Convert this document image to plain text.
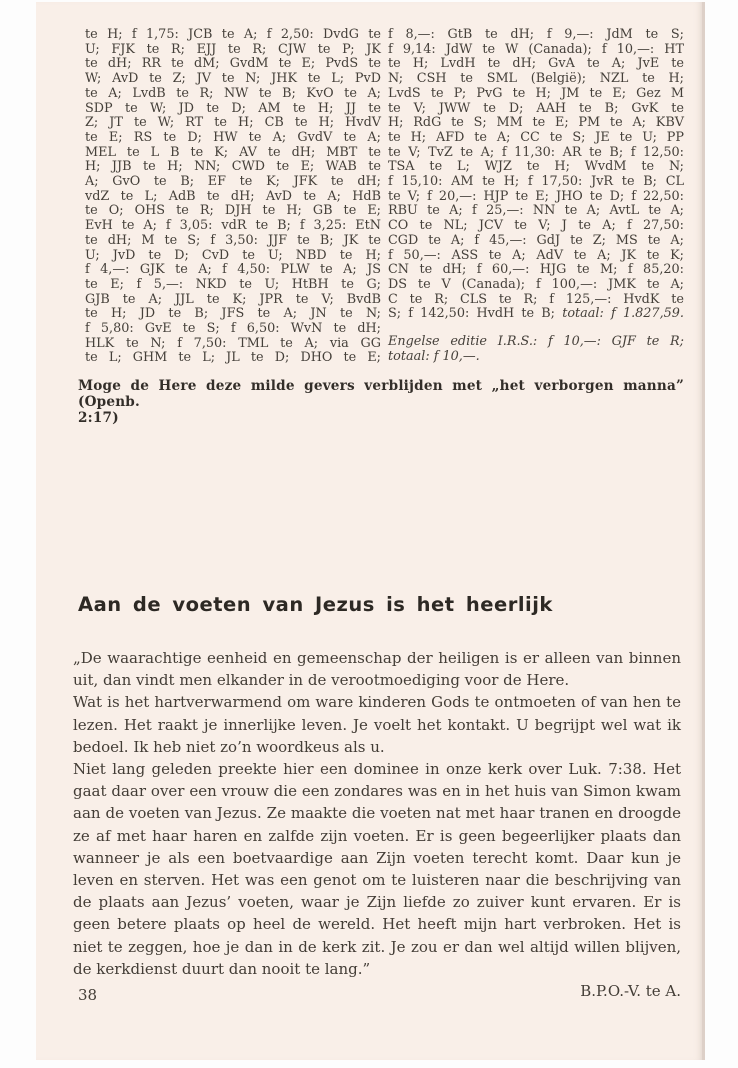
te H; f 1,75: JCB te A; f 2,50: DvdG te
U; FJK te R; EJJ te R; CJW te P; JK
te dH; RR te dM; GvdM te E; PvdS te
W; AvD te Z; JV te N; JHK te L; PvD
te A; LvdB te R; NW te B; KvO te A;
SDP te W; JD te D; AM te H; JJ te
Z; JT te W; RT te H; CB te H; HvdV
te E; RS te D; HW te A; GvdV te A;
MEL te L B te K; AV te dH; MBT te
H; JJB te H; NN; CWD te E; WAB te
A; GvO te B; EF te K; JFK te dH;
vdZ te L; AdB te dH; AvD te A; HdB
te O; OHS te R; DJH te H; GB te E;
EvH te A; f 3,05: vdR te B; f 3,25: EtN
te dH; M te S; f 3,50: JJF te B; JK te
U; JvD te D; CvD te U; NBD te H;
f 4,—: GJK te A; f 4,50: PLW te A; JS
te E; f 5,—: NKD te U; HtBH te G;
GJB te A; JJL te K; JPR te V; BvdB
te H; JD te B; JFS te A; JN te N;
f 5,80: GvE te S; f 6,50: WvN te dH;
HLK te N; f 7,50: TML te A; via GG
te L; GHM te L; JL te D; DHO te E;
f 8,—: GtB te dH; f 9,—: JdM te S;
f 9,14: JdW te W (Canada); f 10,—: HT
te H; LvdH te dH; GvA te A; JvE te
N; CSH te SML (België); NZL te H;
LvdS te P; PvG te H; JM te E; Gez M
te V; JWW te D; AAH te B; GvK te
H; RdG te S; MM te E; PM te A; KBV
te H; AFD te A; CC te S; JE te U; PP
te V; TvZ te A; f 11,30: AR te B; f 12,50:
TSA te L; WJZ te H; WvdM te N;
f 15,10: AM te H; f 17,50: JvR te B; CL
te V; f 20,—: HJP te E; JHO te D; f 22,50:
RBU te A; f 25,—: NN te A; AvtL te A;
CO te NL; JCV te V; J te A; f 27,50:
CGD te A; f 45,—: GdJ te Z; MS te A;
f 50,—: ASS te A; AdV te A; JK te K;
CN te dH; f 60,—: HJG te M; f 85,20:
DS te V (Canada); f 100,—: JMK te A;
C te R; CLS te R; f 125,—: HvdK te
S; f 142,50: HvdH te B; totaal: f 1.827,59.
Engelse editie I.R.S.: f 10,—: GJF te R;
totaal: f 10,—.
Moge de Here deze milde gevers verblijden met „het verborgen manna” (Openb.
2:17)
Aan de voeten van Jezus is het heerlijk
„De waarachtige eenheid en gemeenschap der heiligen is er alleen van binnen uit, dan vindt men elkander in de verootmoediging voor de Here.
Wat is het hartverwarmend om ware kinderen Gods te ontmoeten of van hen te lezen. Het raakt je innerlijke leven. Je voelt het kontakt. U begrijpt wel wat ik bedoel. Ik heb niet zo’n woordkeus als u.
Niet lang geleden preekte hier een dominee in onze kerk over Luk. 7:38. Het gaat daar over een vrouw die een zondares was en in het huis van Simon kwam aan de voeten van Jezus. Ze maakte die voeten nat met haar tranen en droogde ze af met haar haren en zalfde zijn voeten. Er is geen begeerlijker plaats dan wanneer je als een boetvaardige aan Zijn voeten terecht komt. Daar kun je leven en sterven. Het was een genot om te luisteren naar die beschrijving van de plaats aan Jezus’ voeten, waar je Zijn liefde zo zuiver kunt ervaren. Er is geen betere plaats op heel de wereld. Het heeft mijn hart verbroken. Het is niet te zeggen, hoe je dan in de kerk zit. Je zou er dan wel altijd willen blijven, de kerkdienst duurt dan nooit te lang.”
B.P.O.-V. te A.
38
